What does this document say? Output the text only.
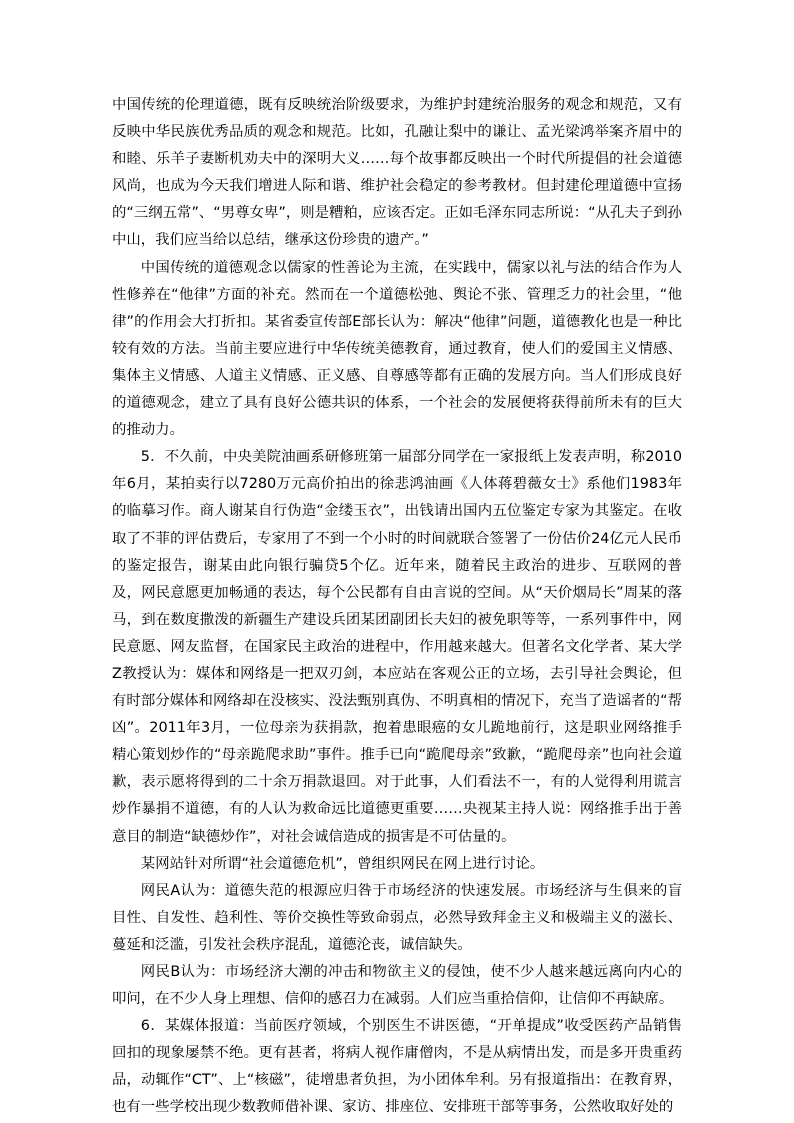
中国传统的伦理道德，既有反映统治阶级要求，为维护封建统治服务的观念和规范，又有反映中华民族优秀品质的观念和规范。比如，孔融让梨中的谦让、孟光梁鸿举案齐眉中的和睦、乐羊子妻断机劝夫中的深明大义……每个故事都反映出一个时代所提倡的社会道德风尚，也成为今天我们增进人际和谐、维护社会稳定的参考教材。但封建伦理道德中宣扬的“三纲五常”、“男尊女卑”，则是糟粕，应该否定。正如毛泽东同志所说：“从孔夫子到孙中山，我们应当给以总结，继承这份珍贵的遗产。”

中国传统的道德观念以儒家的性善论为主流，在实践中，儒家以礼与法的结合作为人性修养在“他律”方面的补充。然而在一个道德松弛、舆论不张、管理乏力的社会里，“他律”的作用会大打折扣。某省委宣传部E部长认为：解决“他律”问题，道德教化也是一种比较有效的方法。当前主要应进行中华传统美德教育，通过教育，使人们的爱国主义情感、集体主义情感、人道主义情感、正义感、自尊感等都有正确的发展方向。当人们形成良好的道德观念，建立了具有良好公德共识的体系，一个社会的发展便将获得前所未有的巨大的推动力。

5．不久前，中央美院油画系研修班第一届部分同学在一家报纸上发表声明，称2010年6月，某拍卖行以7280万元高价拍出的徐悲鸿油画《人体蒋碧薇女士》系他们1983年的临摹习作。商人谢某自行伪造“金缕玉衣”，出钱请出国内五位鉴定专家为其鉴定。在收取了不菲的评估费后，专家用了不到一个小时的时间就联合签署了一份估价24亿元人民币的鉴定报告，谢某由此向银行骗贷5个亿。近年来，随着民主政治的进步、互联网的普及，网民意愿更加畅通的表达，每个公民都有自由言说的空间。从“天价烟局长”周某的落马，到在数度撒泼的新疆生产建设兵团某团副团长夫妇的被免职等等，一系列事件中，网民意愿、网友监督，在国家民主政治的进程中，作用越来越大。但著名文化学者、某大学Z教授认为：媒体和网络是一把双刃剑，本应站在客观公正的立场，去引导社会舆论，但有时部分媒体和网络却在没核实、没法甄别真伪、不明真相的情况下，充当了造谣者的“帮凶”。2011年3月，一位母亲为获捐款，抱着患眼癌的女儿跪地前行，这是职业网络推手精心策划炒作的“母亲跪爬求助”事件。推手已向“跪爬母亲”致歉，“跪爬母亲”也向社会道歉，表示愿将得到的二十余万捐款退回。对于此事，人们看法不一，有的人觉得利用谎言炒作暴捐不道德，有的人认为救命远比道德更重要……央视某主持人说：网络推手出于善意目的制造“缺德炒作”，对社会诚信造成的损害是不可估量的。

某网站针对所谓“社会道德危机”，曾组织网民在网上进行讨论。

网民A认为：道德失范的根源应归咎于市场经济的快速发展。市场经济与生俱来的盲目性、自发性、趋利性、等价交换性等致命弱点，必然导致拜金主义和极端主义的滋长、蔓延和泛滥，引发社会秩序混乱，道德沦丧，诚信缺失。

网民B认为：市场经济大潮的冲击和物欲主义的侵蚀，使不少人越来越远离向内心的叩问，在不少人身上理想、信仰的感召力在减弱。人们应当重拾信仰，让信仰不再缺席。

6．某媒体报道：当前医疗领域，个别医生不讲医德，“开单提成”收受医药产品销售回扣的现象屡禁不绝。更有甚者，将病人视作庸僧肉，不是从病情出发，而是多开贵重药品，动辄作“CT”、上“核磁”，徒增患者负担，为小团体牟利。另有报道指出：在教育界，也有一些学校出现少数教师借补课、家访、排座位、安排班干部等事务，公然收取好处的
